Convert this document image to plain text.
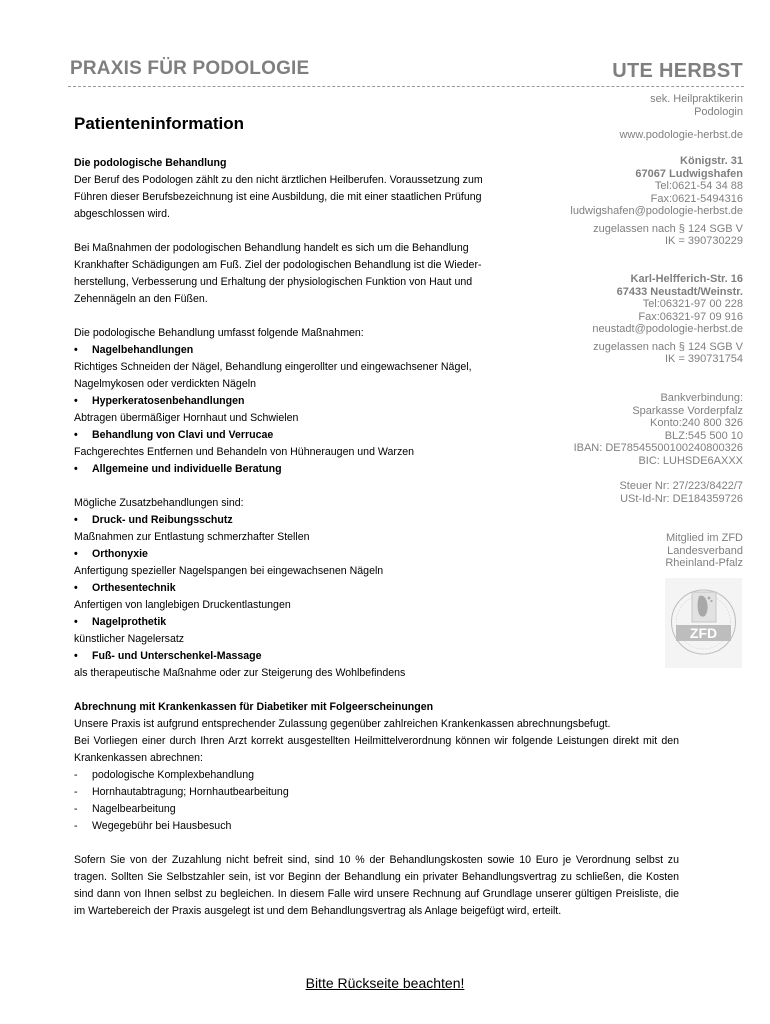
PRAXIS FÜR PODOLOGIE	UTE HERBST
Patienteninformation

Die podologische Behandlung

Der Beruf des Podologen zählt zu den nicht ärztlichen Heilberufen. Voraussetzung zum

Führen dieser Berufsbezeichnung ist eine Ausbildung, die mit einer staatlichen Prüfung

abgeschlossen wird.

Bei Maßnahmen der podologischen Behandlung handelt es sich um die Behandlung

Krankhafter Schädigungen am Fuß. Ziel der podologischen Behandlung ist die Wieder-

herstellung, Verbesserung und Erhaltung der physiologischen Funktion von Haut und

Zehennägeln an den Füßen.

Die podologische Behandlung umfasst folgende Maßnahmen:

• Nagelbehandlungen

Richtiges Schneiden der Nägel, Behandlung eingerollter und eingewachsener Nägel,

Nagelmykosen oder verdickten Nägeln

• Hyperkeratosenbehandlungen

Abtragen übermäßiger Hornhaut und Schwielen

• Behandlung von Clavi und Verrucae

Fachgerechtes Entfernen und Behandeln von Hühneraugen und Warzen

• Allgemeine und individuelle Beratung

Mögliche Zusatzbehandlungen sind:

• Druck- und Reibungsschutz

Maßnahmen zur Entlastung schmerzhafter Stellen

• Orthonyxie

Anfertigung spezieller Nagelspangen bei eingewachsenen Nägeln

• Orthesentechnik

Anfertigen von langlebigen Druckentlastungen

• Nagelprothetik

künstlicher Nagelersatz

• Fuß- und Unterschenkel-Massage

als therapeutische Maßnahme oder zur Steigerung des Wohlbefindens

Abrechnung mit Krankenkassen für Diabetiker mit Folgeerscheinungen

Unsere Praxis ist aufgrund entsprechender Zulassung gegenüber zahlreichen Krankenkassen abrechnungsbefugt.

Bei Vorliegen einer durch Ihren Arzt korrekt ausgestellten Heilmittelverordnung können wir folgende Leistungen direkt mit den Krankenkassen abrechnen:

- podologische Komplexbehandlung

- Hornhautabtragung; Hornhautbearbeitung

- Nagelbearbeitung

- Wegegebühr bei Hausbesuch

Sofern Sie von der Zuzahlung nicht befreit sind, sind 10 % der Behandlungskosten sowie 10 Euro je Verordnung selbst zu tragen. Sollten Sie Selbstzahler sein, ist vor Beginn der Behandlung ein privater Behandlungsvertrag zu schließen, die Kosten sind dann von Ihnen selbst zu begleichen. In diesem Falle wird unsere Rechnung auf Grundlage unserer gültigen Preisliste, die im Wartebereich der Praxis ausgelegt ist und dem Behandlungsvertrag als Anlage beigefügt wird, erteilt.

sek. Heilpraktikerin
Podologin
www.podologie-herbst.de
Königstr. 31
67067 Ludwigshafen
Tel:0621-54 34 88
Fax:0621-5494316
ludwigshafen@podologie-herbst.de
zugelassen nach § 124 SGB V
IK = 390730229
Karl-Helfferich-Str. 16
67433 Neustadt/Weinstr.
Tel:06321-97 00 228
Fax:06321-97 09 916
neustadt@podologie-herbst.de
zugelassen nach § 124 SGB V
IK = 390731754
Bankverbindung:
Sparkasse Vorderpfalz
Konto:240 800 326
BLZ:545 500 10
IBAN: DE78545500100240800326
BIC: LUHSDE6AXXX
Steuer Nr: 27/223/8422/7
USt-Id-Nr: DE184359726
Mitglied im ZFD
Landesverband
Rheinland-Pfalz
ZFD
Bitte Rückseite beachten!
